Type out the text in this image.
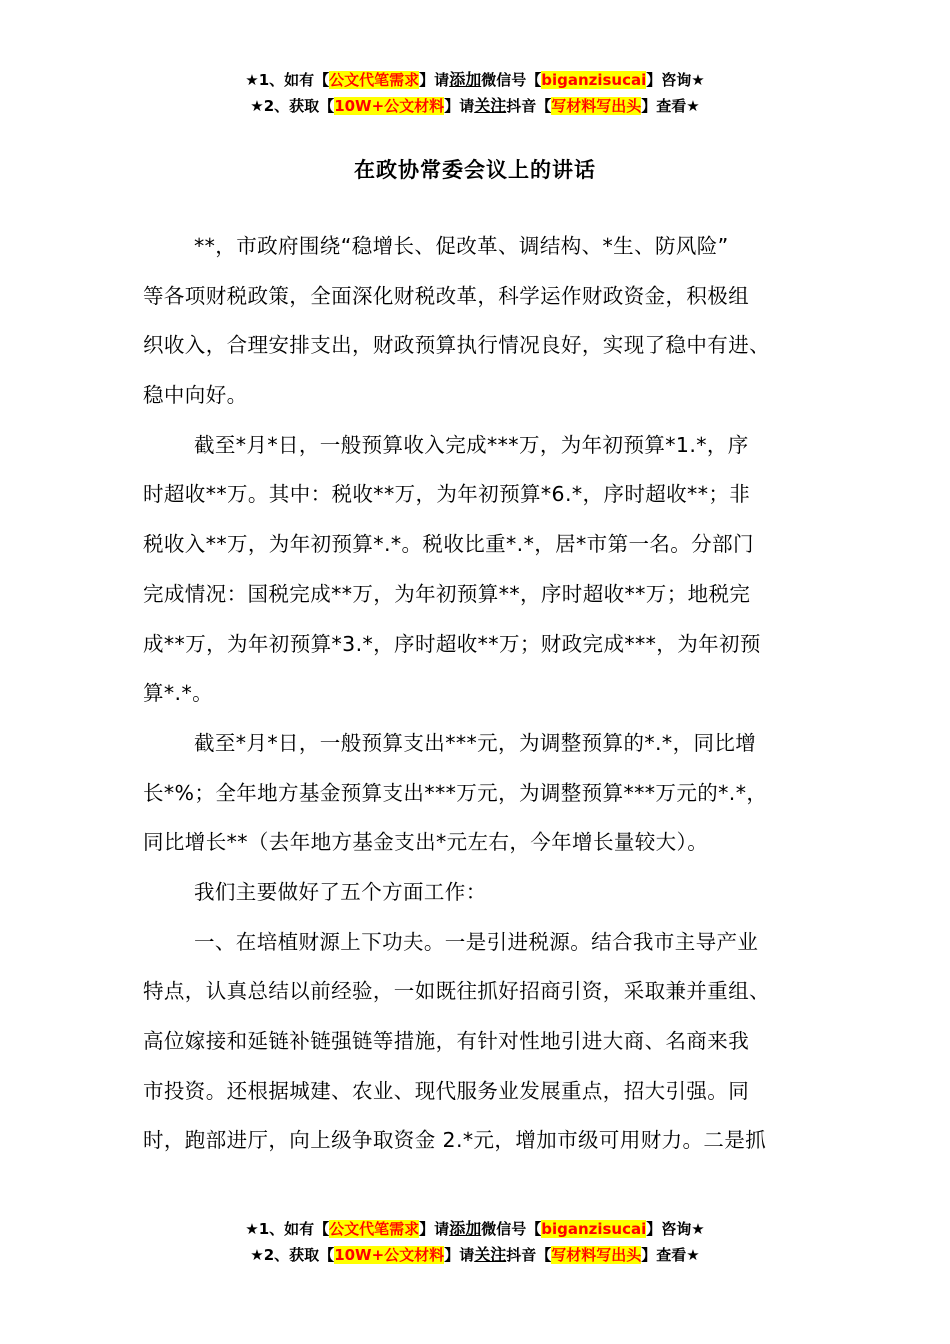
★1、如有【公文代笔需求】请添加微信号【biganzisucai】咨询★
★2、获取【10W+公文材料】请关注抖音【写材料写出头】查看★
在政协常委会议上的讲话
**，市政府围绕“稳增长、促改革、调结构、*生、防风险”
等各项财税政策，全面深化财税改革，科学运作财政资金，积极组
织收入，合理安排支出，财政预算执行情况良好，实现了稳中有进、
稳中向好。
截至*月*日，一般预算收入完成***万，为年初预算*1.*，序
时超收**万。其中：税收**万，为年初预算*6.*，序时超收**；非
税收入**万，为年初预算*.*。税收比重*.*，居*市第一名。分部门
完成情况：国税完成**万，为年初预算**，序时超收**万；地税完
成**万，为年初预算*3.*，序时超收**万；财政完成***，为年初预
算*.*。
截至*月*日，一般预算支出***元，为调整预算的*.*，同比增
长*%；全年地方基金预算支出***万元，为调整预算***万元的*.*，
同比增长**（去年地方基金支出*元左右，今年增长量较大）。
我们主要做好了五个方面工作：
一、在培植财源上下功夫。一是引进税源。结合我市主导产业
特点，认真总结以前经验，一如既往抓好招商引资，采取兼并重组、
高位嫁接和延链补链强链等措施，有针对性地引进大商、名商来我
市投资。还根据城建、农业、现代服务业发展重点，招大引强。同
时，跑部进厅，向上级争取资金 2.*元，增加市级可用财力。二是抓
★1、如有【公文代笔需求】请添加微信号【biganzisucai】咨询★
★2、获取【10W+公文材料】请关注抖音【写材料写出头】查看★
